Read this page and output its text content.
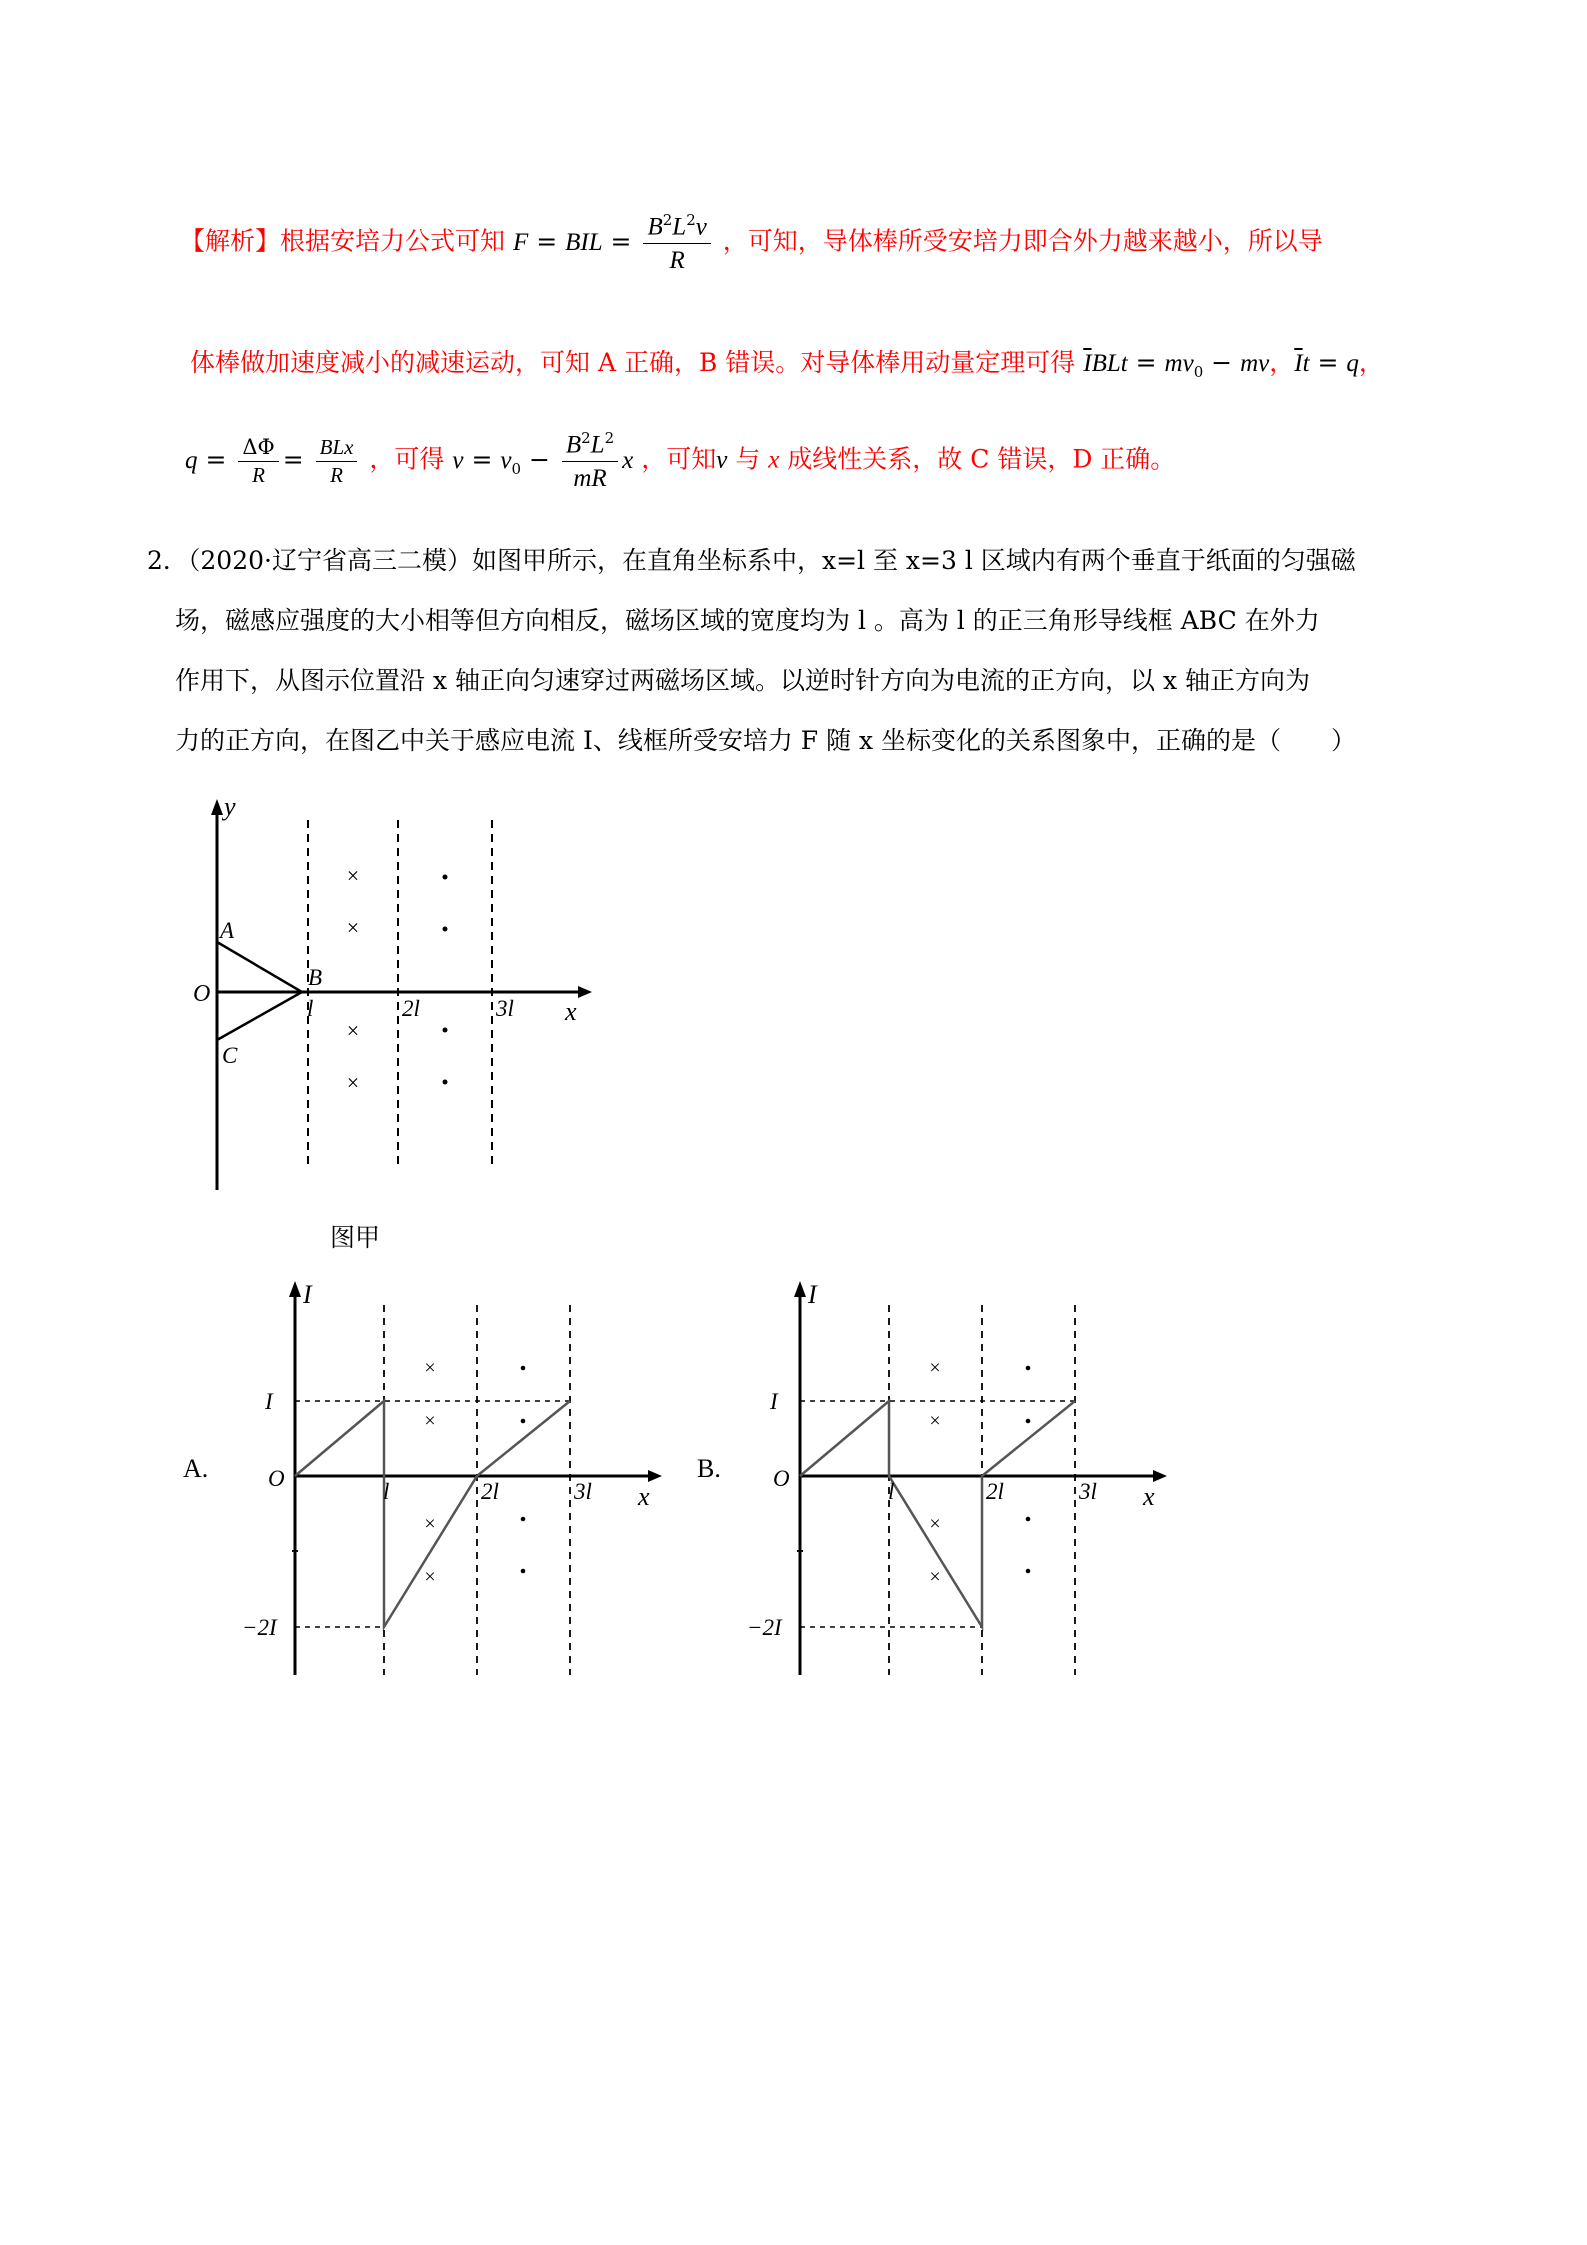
【解析】根据安培力公式可知 F = BIL = $\frac{B^2L^2v}{R}$ ，可知，导体棒所受安培力即合外力越来越小，所以导
体棒做加速度减小的减速运动，可知 A 正确，B 错误。对导体棒用动量定理可得 $\overline{I}BLt = mv_0$ − mv，$\overline{I}t = q$，
$q = \frac{\Delta\Phi}{R} = \frac{\text{BLx}}{R}$ ，可得 $v = v_0 - \frac{B^2L^2}{mR}$ x ，可知v 与 x 成线性关系，故 C 错误，D 正确。

2．（2020·辽宁省高三二模）如图甲所示，在直角坐标系中，x=l 至 x=3 l 区域内有两个垂直于纸面的匀强磁

场，磁感应强度的大小相等但方向相反，磁场区域的宽度均为 l 。高为 l 的正三角形导线框 ABC 在外力

作用下，从图示位置沿 x 轴正向匀速穿过两磁场区域。以逆时针方向为电流的正方向，以 x 轴正方向为

力的正方向，在图乙中关于感应电流 I、线框所受安培力 F 随 x 坐标变化的关系图象中，正确的是（　　）

y
x
O
A
B
C
l	2l	3l
×
×
×
×
图甲
A.	B.
I
x
O
I
−2I
l	2l	3l
×
×
×
×
I
x
O
I
−2I
l	2l	3l
×
×
×
×
